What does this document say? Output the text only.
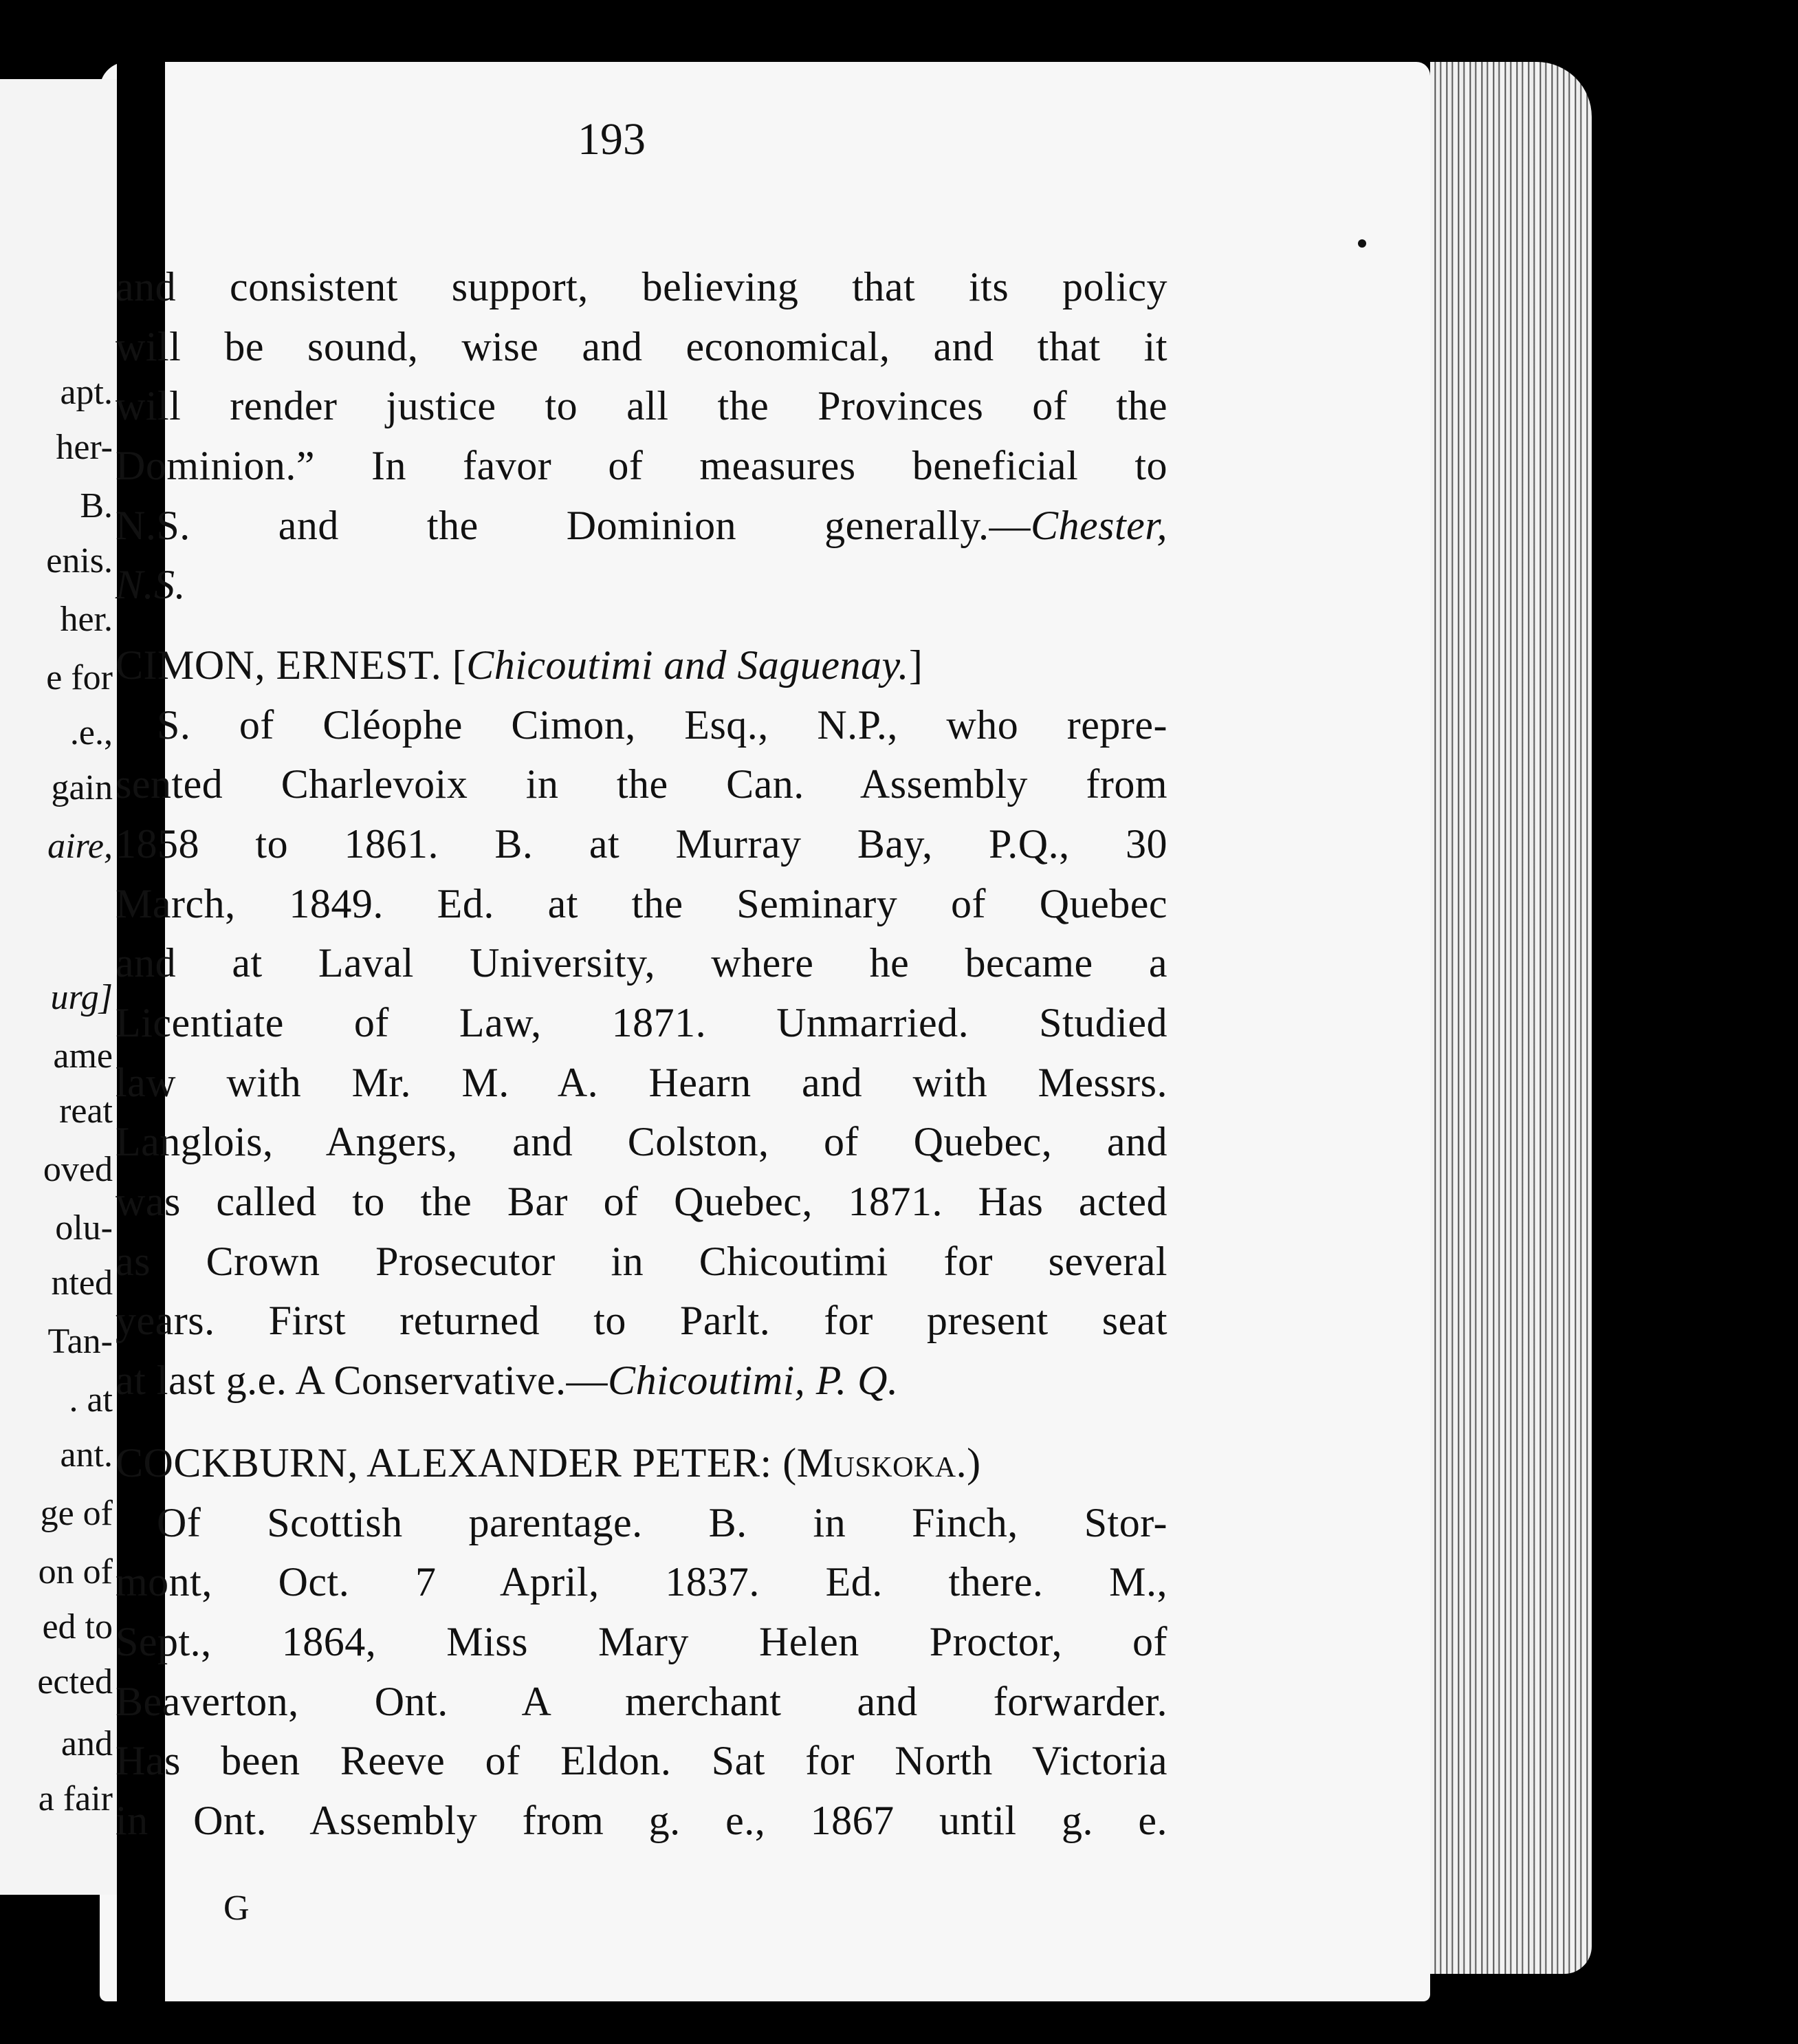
apt.
her-
B.
enis.
her.
e for
.e.,
gain
aire,
urg]
ame
reat
oved
olu-
nted
Tan-
. at
ant.
ge of
on of
ed to
ected
and
a fair
193
and consistent support, believing that its policy
will be sound, wise and economical, and that it
will render justice to all the Provinces of the
Dominion.” In favor of measures beneficial to
N.S. and the Dominion generally.—Chester,
N.S.
CIMON, ERNEST. [Chicoutimi and Saguenay.]
S. of Cléophe Cimon, Esq., N.P., who repre-
sented Charlevoix in the Can. Assembly from
1858 to 1861. B. at Murray Bay, P.Q., 30
March, 1849. Ed. at the Seminary of Quebec
and at Laval University, where he became a
Licentiate of Law, 1871. Unmarried. Studied
law with Mr. M. A. Hearn and with Messrs.
Langlois, Angers, and Colston, of Quebec, and
was called to the Bar of Quebec, 1871. Has acted
as Crown Prosecutor in Chicoutimi for several
years. First returned to Parlt. for present seat
at last g.e. A Conservative.—Chicoutimi, P. Q.
COCKBURN, ALEXANDER PETER: (Muskoka.)
Of Scottish parentage. B. in Finch, Stor-
mont, Oct. 7 April, 1837. Ed. there. M.,
Sept., 1864, Miss Mary Helen Proctor, of
Beaverton, Ont. A merchant and forwarder.
Has been Reeve of Eldon. Sat for North Victoria
in Ont. Assembly from g. e., 1867 until g. e.
G
